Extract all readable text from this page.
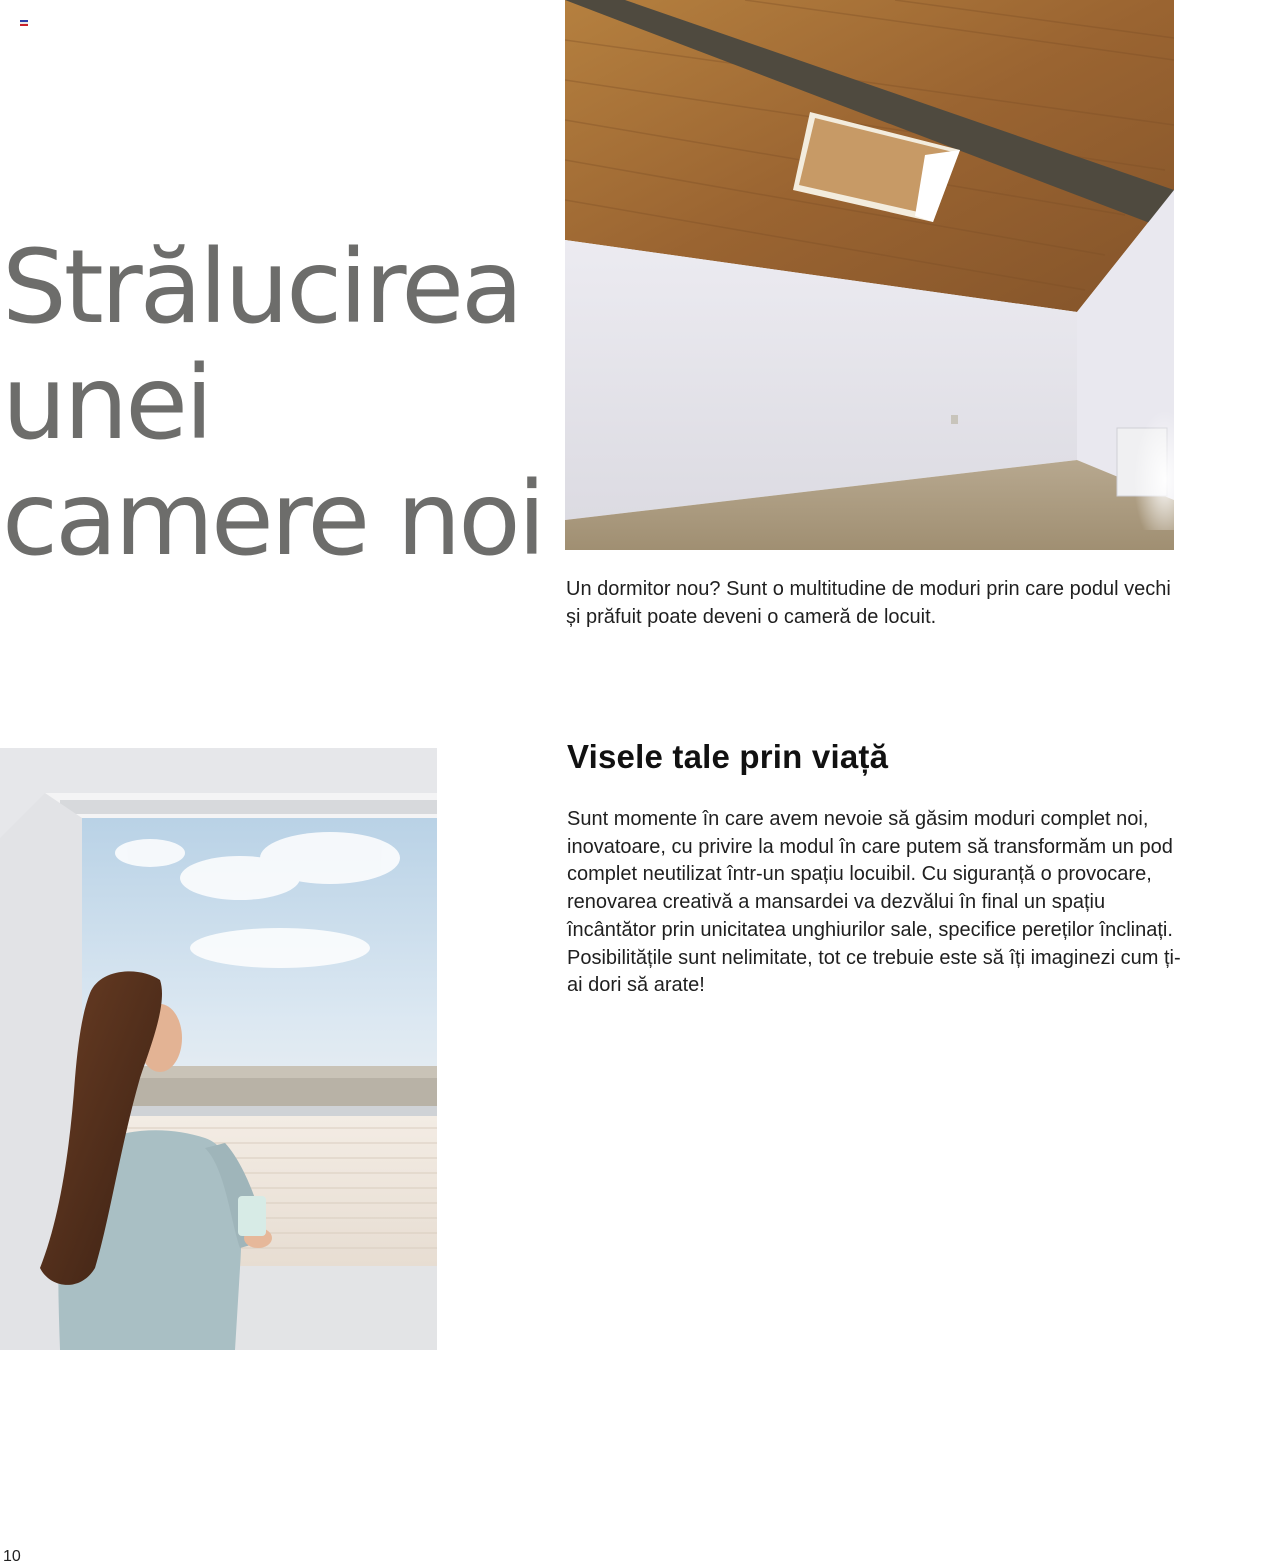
Strălucirea
unei
camere noi

Un dormitor nou? Sunt o multitudine de moduri prin care podul vechi și prăfuit poate deveni o cameră de locuit.

Visele tale prin viață

Sunt momente în care avem nevoie să găsim moduri complet noi, inovatoare, cu privire la modul în care putem să transformăm un pod complet neutilizat într-un spațiu locuibil. Cu siguranță o provocare, renovarea creativă a mansardei va dezvălui în final un spațiu încântător prin unicitatea unghiurilor sale, specifice pereților înclinați. Posibilitățile sunt nelimitate, tot ce trebuie este să îți imaginezi cum ți-ai dori să arate!

10
